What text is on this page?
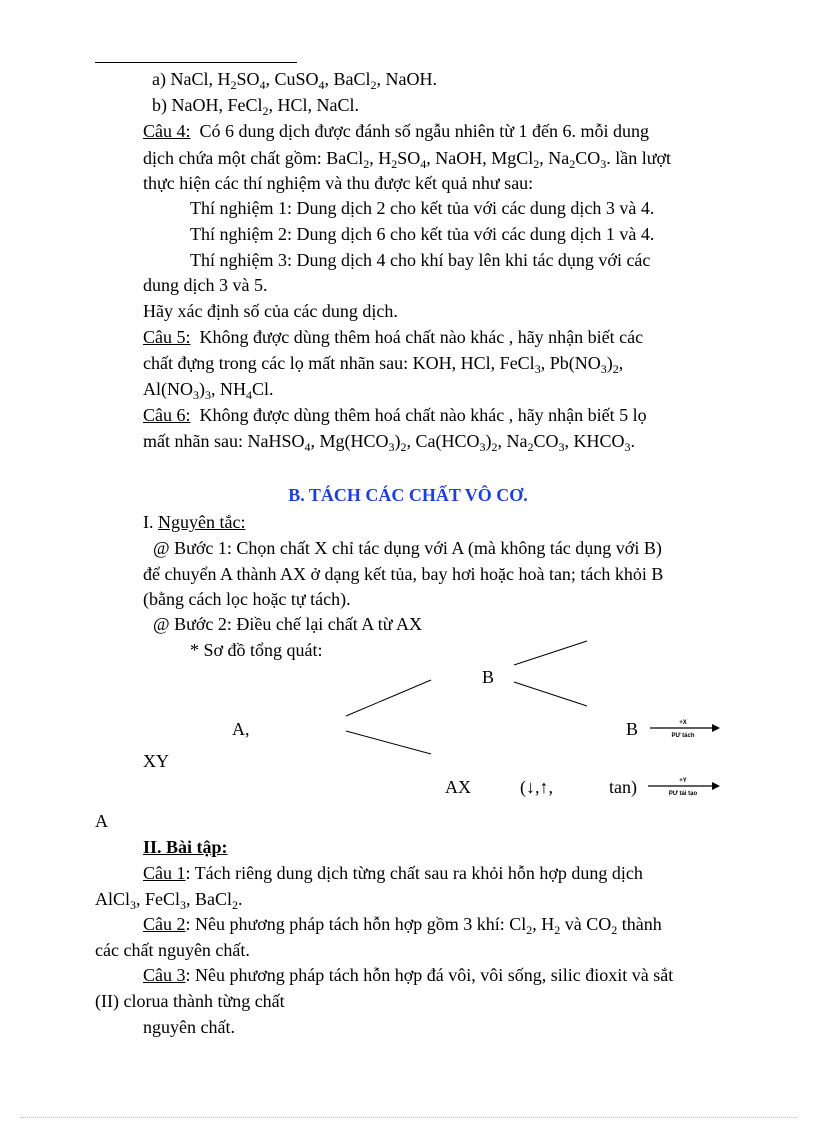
a) NaCl, $H_2SO_4$, CuSO$_4$, BaCl$_2$, NaOH.
b) NaOH, FeCl$_2$, HCl, NaCl.
Câu 4: Có 6 dung dịch được đánh số ngẫu nhiên từ 1 đến 6. mỗi dung
dịch chứa một chất gồm: BaCl$_2$, $H_2SO_4$, NaOH, MgCl$_2$, $Na_2CO_3$. lần lượt
thực hiện các thí nghiệm và thu được kết quả như sau:
Thí nghiệm 1: Dung dịch 2 cho kết tủa với các dung dịch 3 và 4.
Thí nghiệm 2: Dung dịch 6 cho kết tủa với các dung dịch 1 và 4.
Thí nghiệm 3: Dung dịch 4 cho khí bay lên khi tác dụng với các
dung dịch 3 và 5.
Hãy xác định số của các dung dịch.
Câu 5: Không được dùng thêm hoá chất nào khác , hãy nhận biết các
chất đựng trong các lọ mất nhãn sau: KOH, HCl, FeCl$_3$, $Pb(NO_3)_2$,
$Al(NO_3)_3$, $NH_4Cl$.
Câu 6: Không được dùng thêm hoá chất nào khác , hãy nhận biết 5 lọ
mất nhãn sau: NaHSO$_4$, $Mg(HCO_3)_2$, $Ca(HCO_3)_2$, $Na_2CO_3$, $KHCO_3$.
B. TÁCH CÁC CHẤT VÔ CƠ.
I. Nguyên tắc:
@ Bước 1: Chọn chất X chỉ tác dụng với A (mà không tác dụng với B)
để chuyển A thành AX ở dạng kết tủa, bay hơi hoặc hoà tan; tách khỏi B
(bằng cách lọc hoặc tự tách).
@ Bước 2: Điều chế lại chất A từ AX
* Sơ đồ tổng quát:
B
A,	B
XY
AX	(↓,↑,	tan)
A
+X
PƯ tách
+Y
PƯ tái tạo
II. Bài tập:
Câu 1: Tách riêng dung dịch từng chất sau ra khỏi hỗn hợp dung dịch
AlCl$_3$, FeCl$_3$, BaCl$_2$.
Câu 2: Nêu phương pháp tách hỗn hợp gồm 3 khí: $Cl_2$, $H_2$ và $CO_2$ thành
các chất nguyên chất.
Câu 3: Nêu phương pháp tách hỗn hợp đá vôi, vôi sống, silic đioxit và sắt
(II) clorua thành từng chất
nguyên chất.
